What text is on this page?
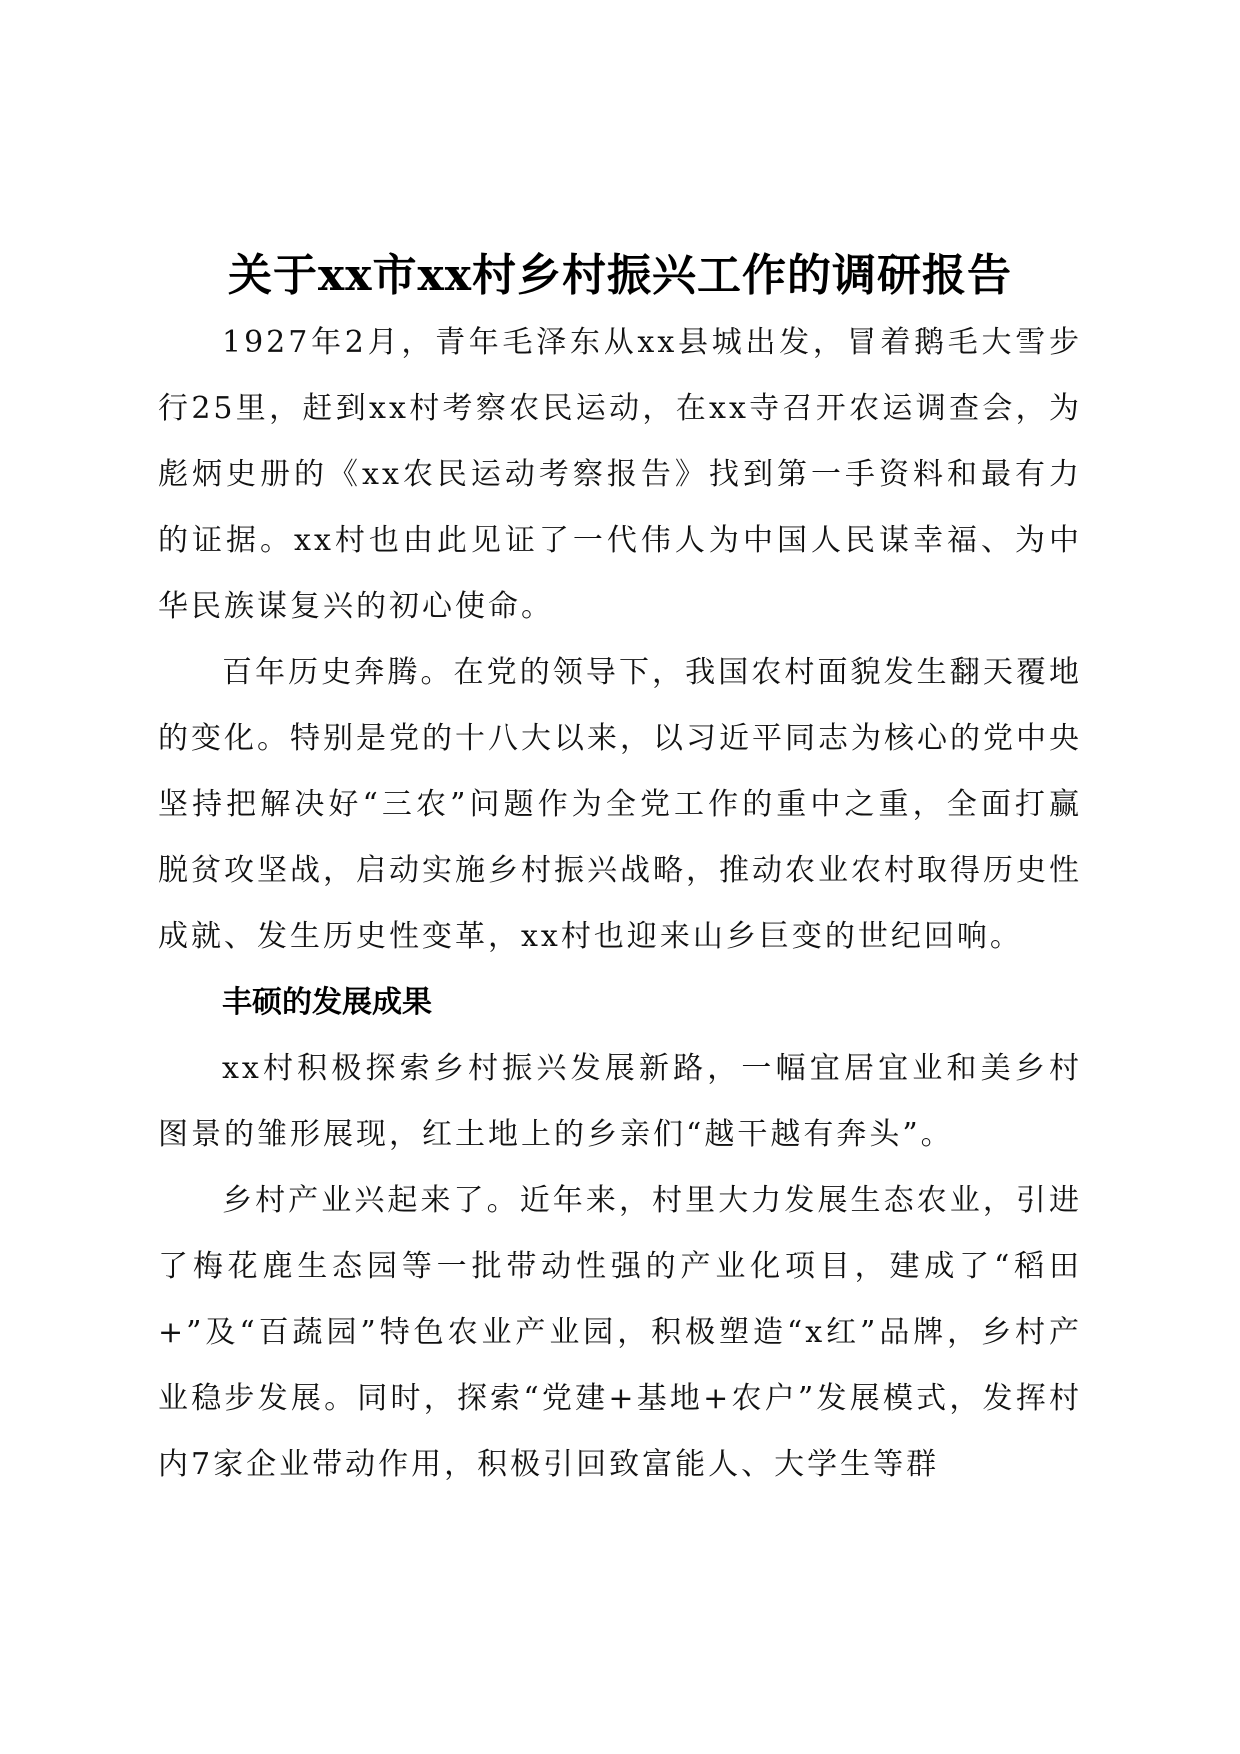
关于xx市xx村乡村振兴工作的调研报告

1927年2月，青年毛泽东从xx县城出发，冒着鹅毛大雪步行25里，赶到xx村考察农民运动，在xx寺召开农运调查会，为彪炳史册的《xx农民运动考察报告》找到第一手资料和最有力的证据。xx村也由此见证了一代伟人为中国人民谋幸福、为中华民族谋复兴的初心使命。

百年历史奔腾。在党的领导下，我国农村面貌发生翻天覆地的变化。特别是党的十八大以来，以习近平同志为核心的党中央坚持把解决好“三农”问题作为全党工作的重中之重，全面打赢脱贫攻坚战，启动实施乡村振兴战略，推动农业农村取得历史性成就、发生历史性变革，xx村也迎来山乡巨变的世纪回响。

丰硕的发展成果

xx村积极探索乡村振兴发展新路，一幅宜居宜业和美乡村图景的雏形展现，红土地上的乡亲们“越干越有奔头”。

乡村产业兴起来了。近年来，村里大力发展生态农业，引进了梅花鹿生态园等一批带动性强的产业化项目，建成了“稻田+”及“百蔬园”特色农业产业园，积极塑造“x红”品牌，乡村产业稳步发展。同时，探索“党建+基地+农户”发展模式，发挥村内7家企业带动作用，积极引回致富能人、大学生等群
